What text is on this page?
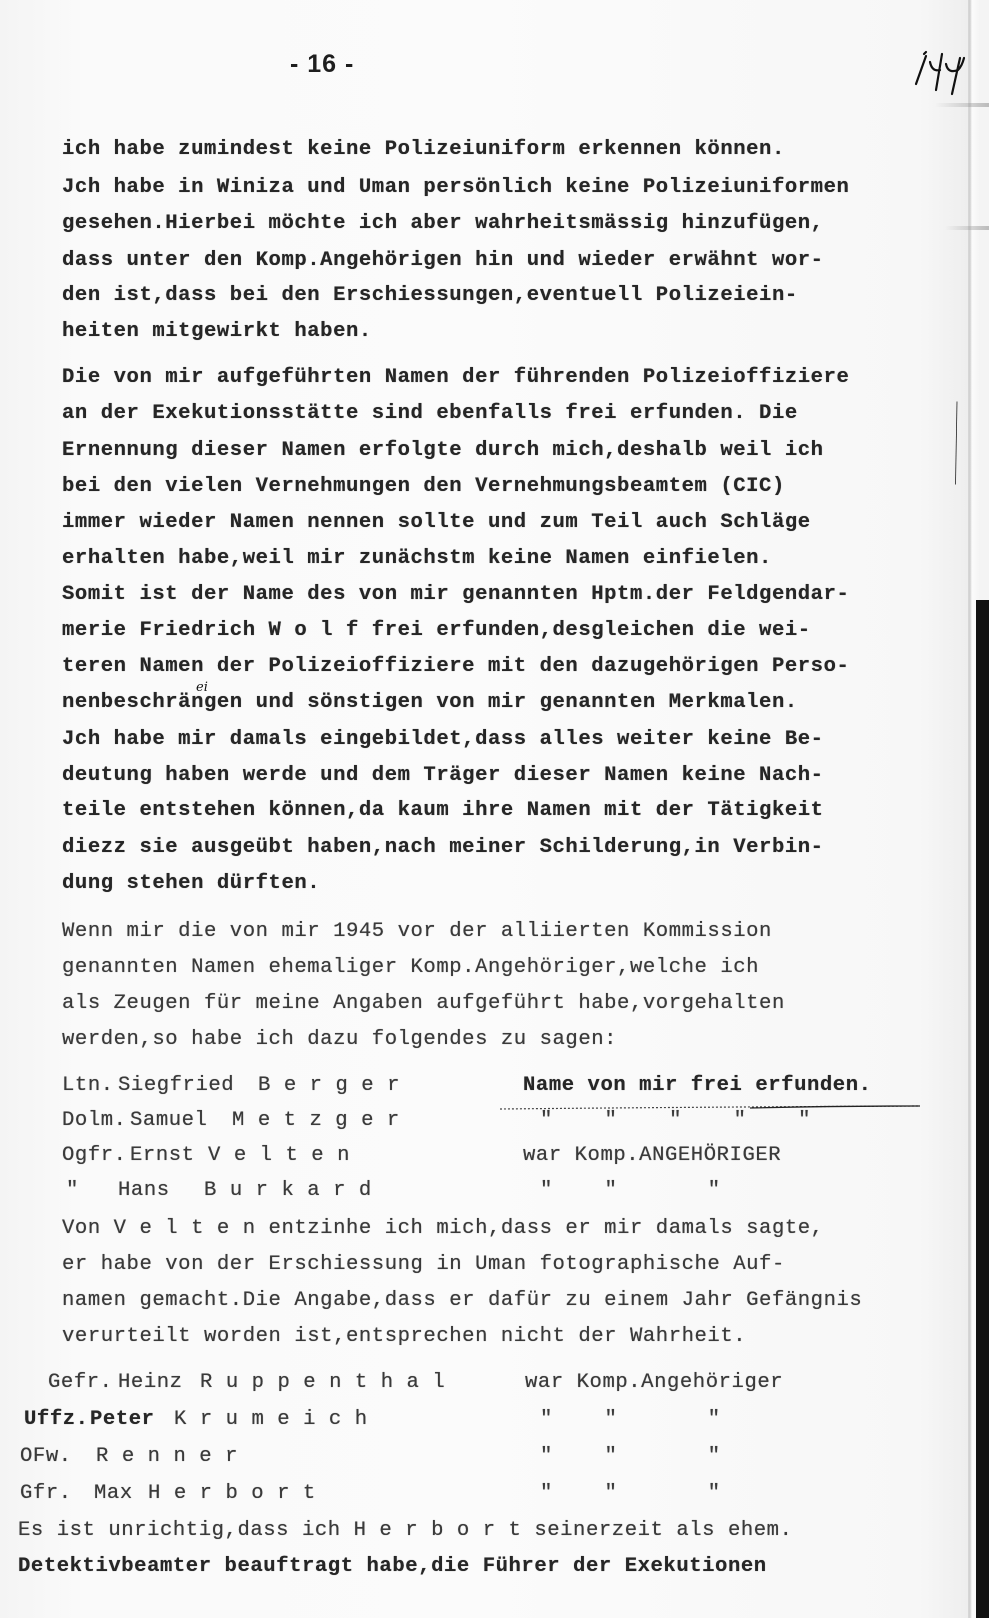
- 16 -
ich habe zumindest keine Polizeiuniform erkennen können.
Jch habe in Winiza und Uman persönlich keine Polizeiuniformen
gesehen.Hierbei möchte ich aber wahrheitsmässig hinzufügen,
dass unter den Komp.Angehörigen hin und wieder erwähnt wor-
den ist,dass bei den Erschiessungen,eventuell Polizeiein-
heiten mitgewirkt haben.
Die von mir aufgeführten Namen der führenden Polizeioffiziere
an der Exekutionsstätte sind ebenfalls frei erfunden. Die
Ernennung dieser Namen erfolgte durch mich,deshalb weil ich
bei den vielen Vernehmungen den Vernehmungsbeamtem (CIC)
immer wieder Namen nennen sollte und zum Teil auch Schläge
erhalten habe,weil mir zunächstm keine Namen einfielen.
Somit ist der Name des von mir genannten Hptm.der Feldgendar-
merie Friedrich W o l f frei erfunden,desgleichen die wei-
teren Namen der Polizeioffiziere mit den dazugehörigen Perso-
nenbeschrängen und sönstigen von mir genannten Merkmalen.
Jch habe mir damals eingebildet,dass alles weiter keine Be-
deutung haben werde und dem Träger dieser Namen keine Nach-
teile entstehen können,da kaum ihre Namen mit der Tätigkeit
diezz sie ausgeübt haben,nach meiner Schilderung,in Verbin-
dung stehen dürften.
ei
Wenn mir die von mir 1945 vor der alliierten Kommission
genannten Namen ehemaliger Komp.Angehöriger,welche ich
als Zeugen für meine Angaben aufgeführt habe,vorgehalten
werden,so habe ich dazu folgendes zu sagen:
Ltn. Siegfried B e r g e r	Name von mir frei erfunden.
Dolm. Samuel M e t z g e r	"    "    "    "    "
Ogfr. Ernst V e l t e n	war Komp.ANGEHÖRIGER
" Hans B u r k a r d	"    "       "
Von V e l t e n entzinhe ich mich,dass er mir damals sagte,
er habe von der Erschiessung in Uman fotographische Auf-
namen gemacht.Die Angabe,dass er dafür zu einem Jahr Gefängnis
verurteilt worden ist,entsprechen nicht der Wahrheit.
Gefr. Heinz R u p p e n t h a l	war Komp.Angehöriger
Uffz. Peter K r u m e i c h	"    "       "
OFw. R e n n e r	"    "       "
Gfr. Max H e r b o r t	"    "       "
Es ist unrichtig,dass ich H e r b o r t seinerzeit als ehem.
Detektivbeamter beauftragt habe,die Führer der Exekutionen
